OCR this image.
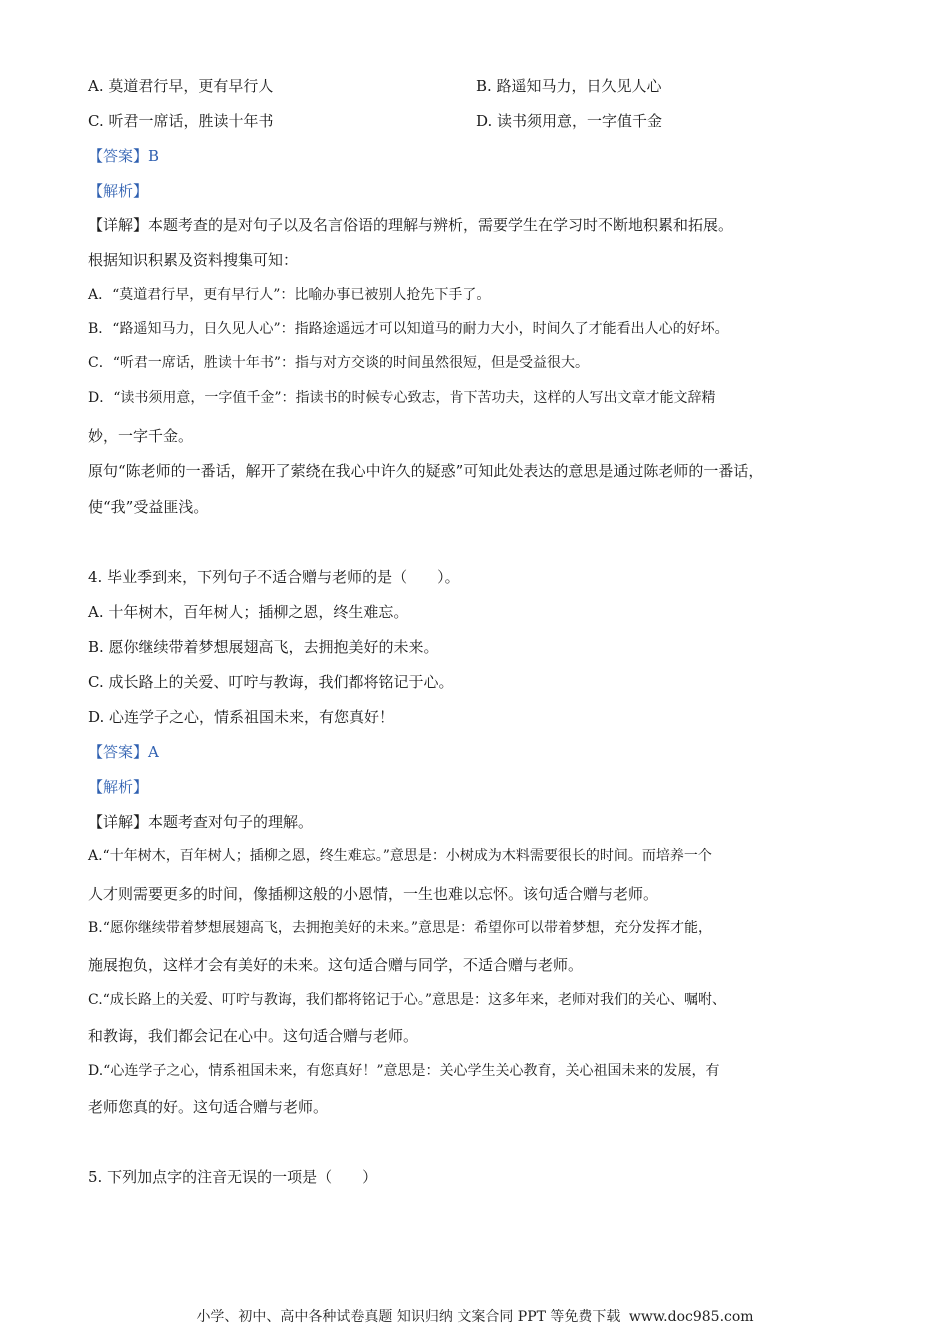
A. 莫道君行早，更有早行人	B. 路遥知马力，日久见人心
C. 听君一席话，胜读十年书	D. 读书须用意，一字值千金
【答案】B
【解析】
【详解】本题考查的是对句子以及名言俗语的理解与辨析，需要学生在学习时不断地积累和拓展。
根据知识积累及资料搜集可知：
A．“莫道君行早，更有早行人”：比喻办事已被别人抢先下手了。
B．“路遥知马力，日久见人心”：指路途遥远才可以知道马的耐力大小，时间久了才能看出人心的好坏。
C．“听君一席话，胜读十年书”：指与对方交谈的时间虽然很短，但是受益很大。
D．“读书须用意，一字值千金”：指读书的时候专心致志，肯下苦功夫，这样的人写出文章才能文辞精
妙，一字千金。
原句“陈老师的一番话，解开了萦绕在我心中许久的疑惑”可知此处表达的意思是通过陈老师的一番话，
使“我”受益匪浅。
4. 毕业季到来，下列句子不适合赠与老师的是（　　）。
A. 十年树木，百年树人；插柳之恩，终生难忘。
B. 愿你继续带着梦想展翅高飞，去拥抱美好的未来。
C. 成长路上的关爱、叮咛与教诲，我们都将铭记于心。
D. 心连学子之心，情系祖国未来，有您真好！
【答案】A
【解析】
【详解】本题考查对句子的理解。
A.“十年树木，百年树人；插柳之恩，终生难忘。”意思是：小树成为木料需要很长的时间。而培养一个
人才则需要更多的时间，像插柳这般的小恩情，一生也难以忘怀。该句适合赠与老师。
B.“愿你继续带着梦想展翅高飞，去拥抱美好的未来。”意思是：希望你可以带着梦想，充分发挥才能，
施展抱负，这样才会有美好的未来。这句适合赠与同学，不适合赠与老师。
C.“成长路上的关爱、叮咛与教诲，我们都将铭记于心。”意思是：这多年来，老师对我们的关心、嘱咐、
和教诲，我们都会记在心中。这句适合赠与老师。
D.“心连学子之心，情系祖国未来，有您真好！”意思是：关心学生关心教育，关心祖国未来的发展，有
老师您真的好。这句适合赠与老师。
5. 下列加点字的注音无误的一项是（　　）
小学、初中、高中各种试卷真题 知识归纳 文案合同 PPT 等免费下载 www.doc985.com
